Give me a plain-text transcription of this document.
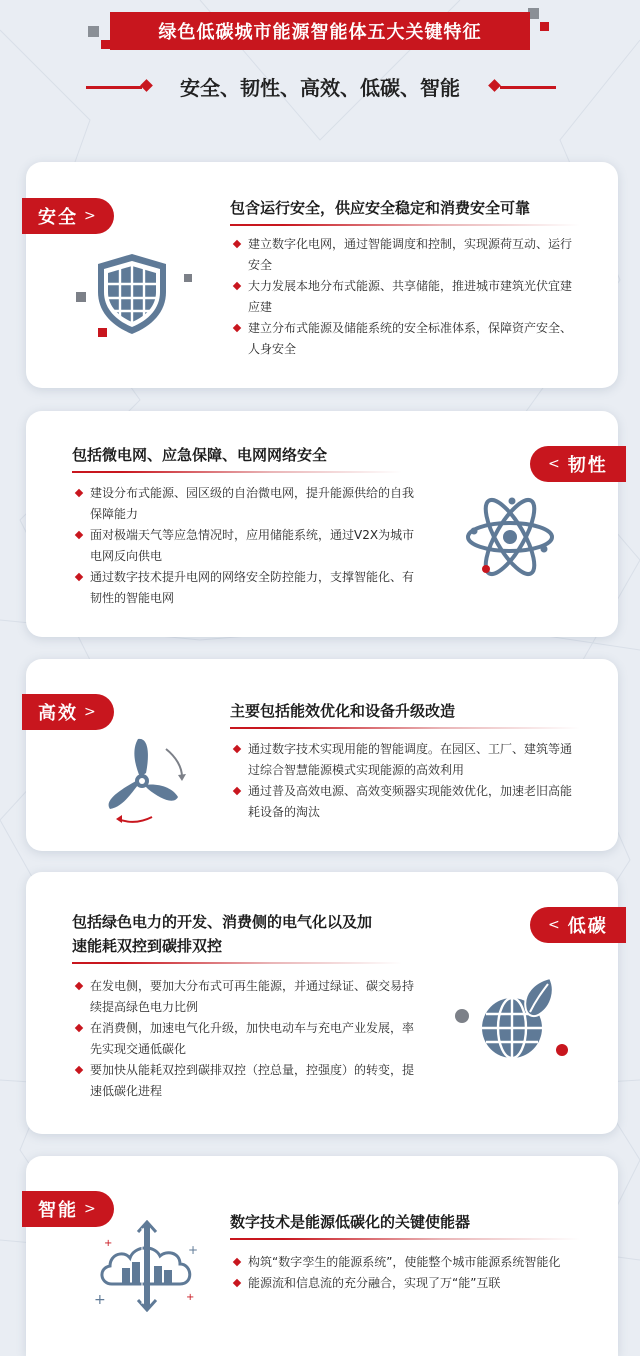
绿色低碳城市能源智能体五大关键特征
安全、韧性、高效、低碳、智能
包含运行安全，供应安全稳定和消费安全可靠
建立数字化电网，通过智能调度和控制，实现源荷互动、运行安全
大力发展本地分布式能源、共享储能，推进城市建筑光伏宜建应建
建立分布式能源及储能系统的安全标准体系，保障资产安全、人身安全
安全 >
包括微电网、应急保障、电网网络安全
建设分布式能源、园区级的自治微电网，提升能源供给的自我保障能力
面对极端天气等应急情况时，应用储能系统，通过V2X为城市电网反向供电
通过数字技术提升电网的网络安全防控能力，支撑智能化、有韧性的智能电网
< 韧性
主要包括能效优化和设备升级改造
通过数字技术实现用能的智能调度。在园区、工厂、建筑等通过综合智慧能源模式实现能源的高效利用
通过普及高效电源、高效变频器实现能效优化，加速老旧高能耗设备的淘汰
高效 >
包括绿色电力的开发、消费侧的电气化以及加速能耗双控到碳排双控
在发电侧，要加大分布式可再生能源，并通过绿证、碳交易持续提高绿色电力比例
在消费侧，加速电气化升级，加快电动车与充电产业发展，率先实现交通低碳化
要加快从能耗双控到碳排双控（控总量，控强度）的转变，提速低碳化进程
< 低碳
数字技术是能源低碳化的关键使能器
构筑“数字孪生的能源系统”，使能整个城市能源系统智能化
能源流和信息流的充分融合，实现了万“能”互联
+
+
+
+
智能 >
